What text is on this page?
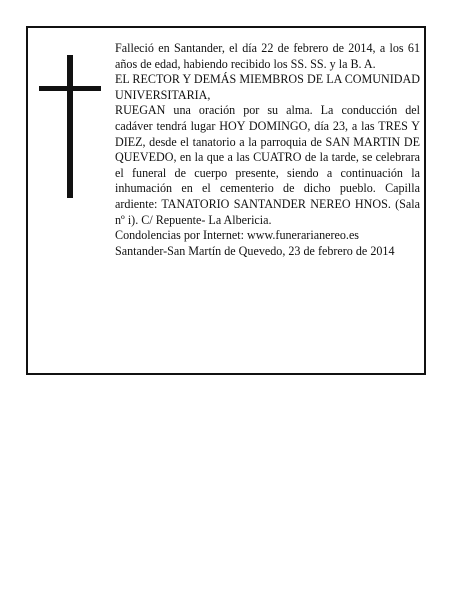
Falleció en Santander, el día 22 de febrero de 2014, a los 61 años de edad, habiendo recibido los SS. SS. y la B. A.

EL RECTOR Y DEMÁS MIEMBROS DE LA COMUNIDAD UNIVERSITARIA,

RUEGAN una oración por su alma. La conducción del cadáver tendrá lugar HOY DOMINGO, día 23, a las TRES Y DIEZ, desde el tanatorio a la parroquia de SAN MARTIN DE QUEVEDO, en la que a las CUATRO de la tarde, se celebrara el funeral de cuerpo presente, siendo a continuación la inhumación en el cementerio de dicho pueblo. Capilla ardiente: TANATORIO SANTANDER NEREO HNOS. (Sala nº i). C/ Repuente- La Albericia.

Condolencias por Internet: www.funerarianereo.es

Santander-San Martín de Quevedo, 23 de febrero de 2014
